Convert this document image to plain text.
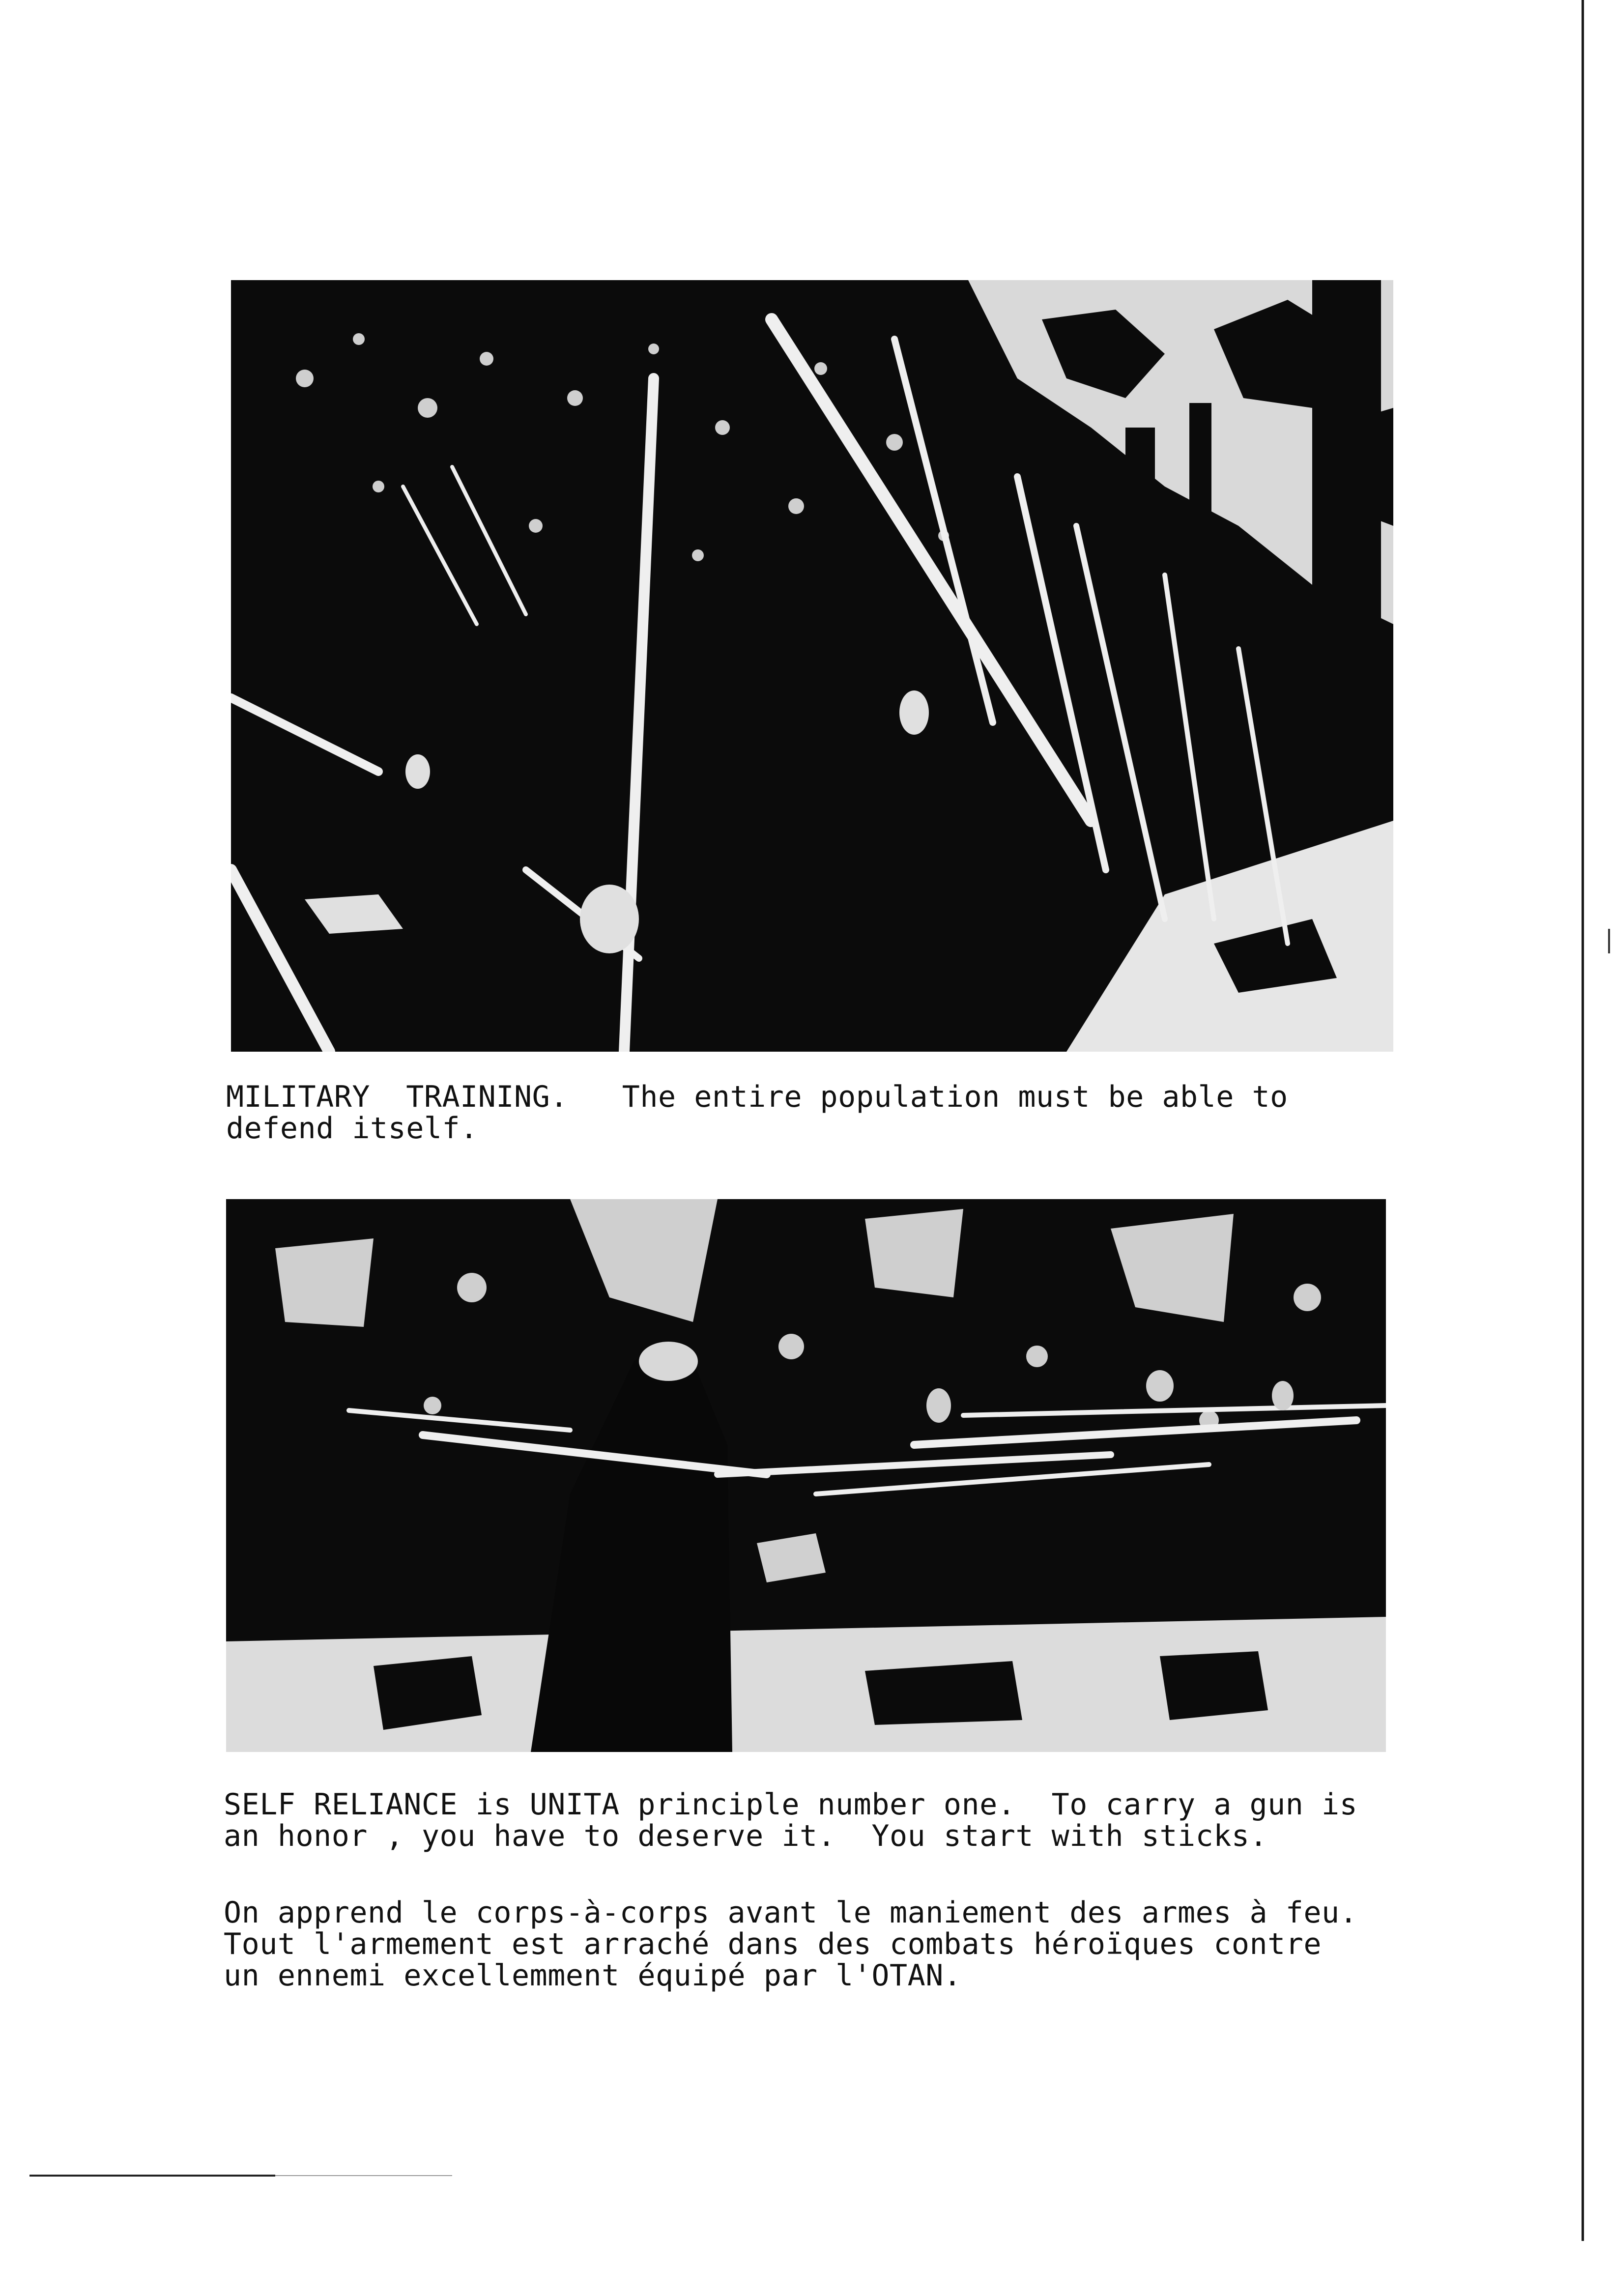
MILITARY  TRAINING.   The entire population must be able to
defend itself.
SELF RELIANCE is UNITA principle number one.  To carry a gun is
an honor , you have to deserve it.  You start with sticks.
On apprend le corps-à-corps avant le maniement des armes à feu.
Tout l'armement est arraché dans des combats héroïques contre
un ennemi excellemment équipé par l'OTAN.
